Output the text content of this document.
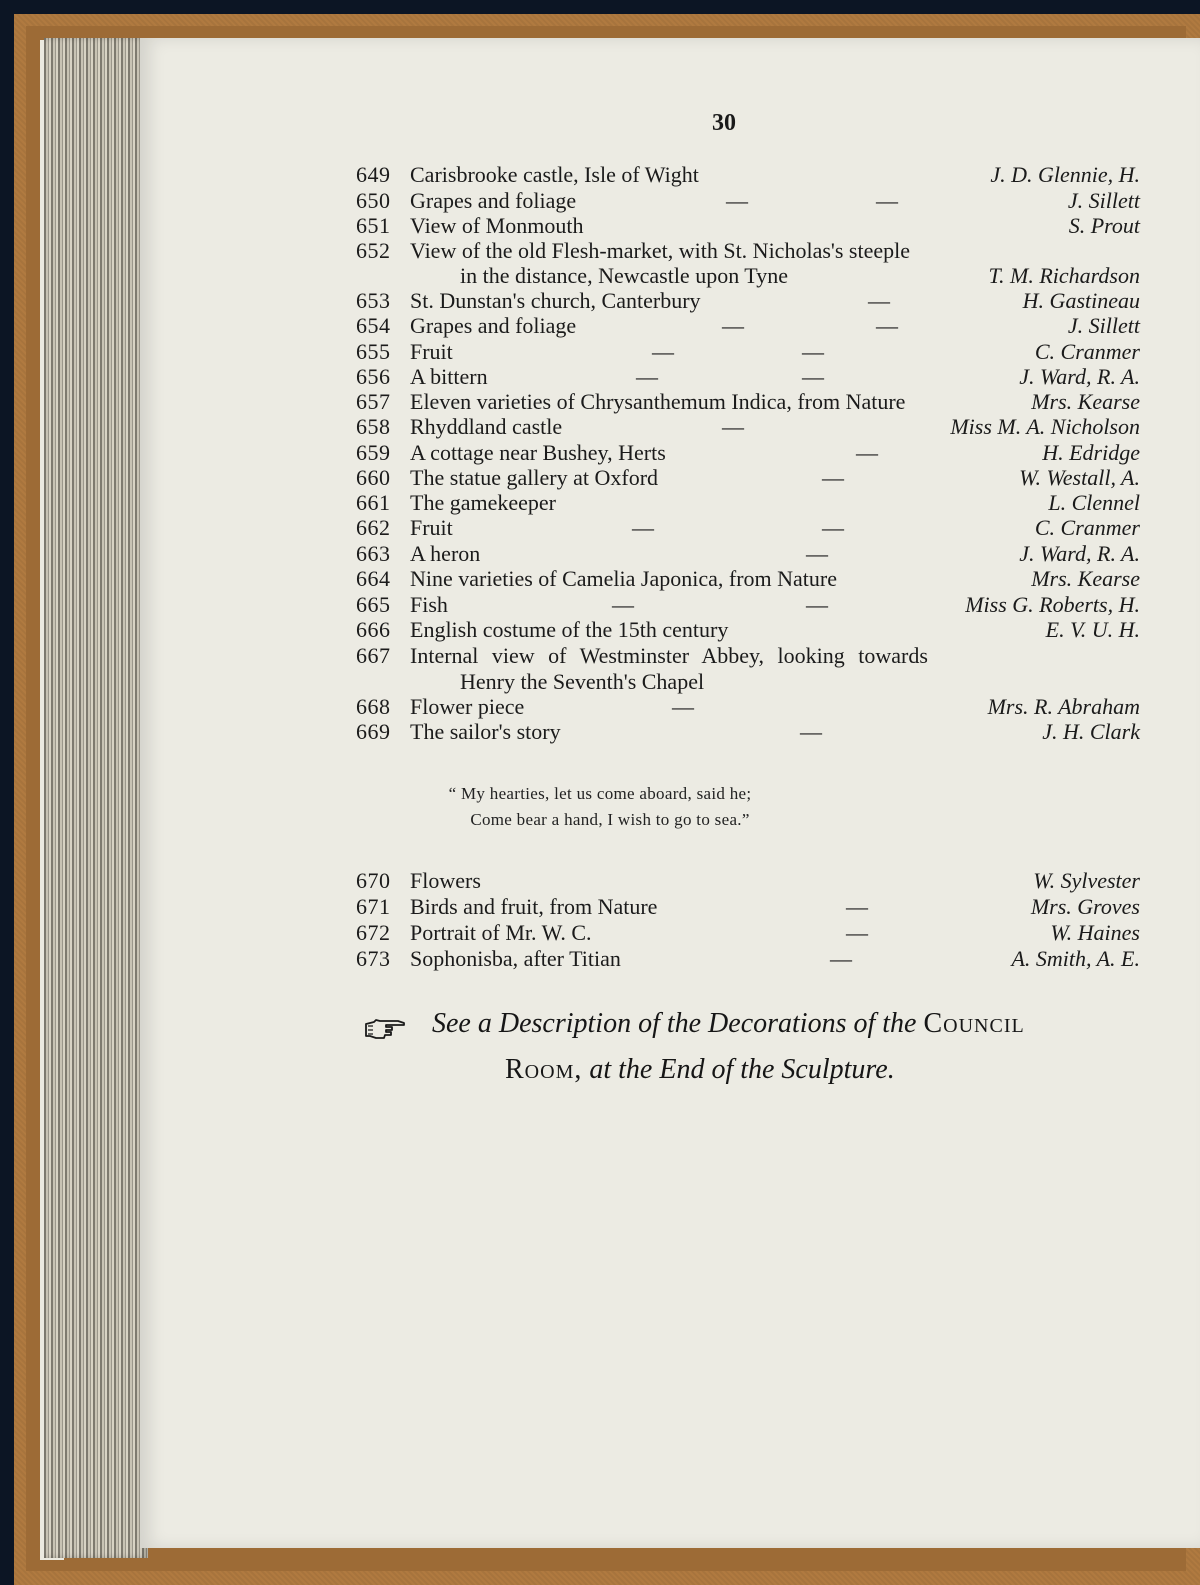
30
649 Carisbrooke castle, Isle of Wight	J. D. Glennie, H.
650 Grapes and foliage	—	—	J. Sillett
651 View of Monmouth	S. Prout
652 View of the old Flesh-market, with St. Nicholas's steeple
in the distance, Newcastle upon Tyne	T. M. Richardson
653 St. Dunstan's church, Canterbury	—	H. Gastineau
654 Grapes and foliage	—	—	J. Sillett
655 Fruit	—	—	C. Cranmer
656 A bittern	—	—	J. Ward, R. A.
657 Eleven varieties of Chrysanthemum Indica, from Nature	Mrs. Kearse
658 Rhyddland castle	—	Miss M. A. Nicholson
659 A cottage near Bushey, Herts	—	H. Edridge
660 The statue gallery at Oxford	—	W. Westall, A.
661 The gamekeeper	L. Clennel
662 Fruit	—	—	C. Cranmer
663 A heron	—	J. Ward, R. A.
664 Nine varieties of Camelia Japonica, from Nature	Mrs. Kearse
665 Fish	—	—	Miss G. Roberts, H.
666 English costume of the 15th century	E. V. U. H.
667 Internal view of Westminster Abbey, looking towards
Henry the Seventh's Chapel
668 Flower piece	—	Mrs. R. Abraham
669 The sailor's story	—	J. H. Clark
“ My hearties, let us come aboard, said he;
Come bear a hand, I wish to go to sea.”
670 Flowers	W. Sylvester
671 Birds and fruit, from Nature	—	Mrs. Groves
672 Portrait of Mr. W. C.	—	W. Haines
673 Sophonisba, after Titian	—	A. Smith, A. E.
See a Description of the Decorations of the Council
Room, at the End of the Sculpture.
